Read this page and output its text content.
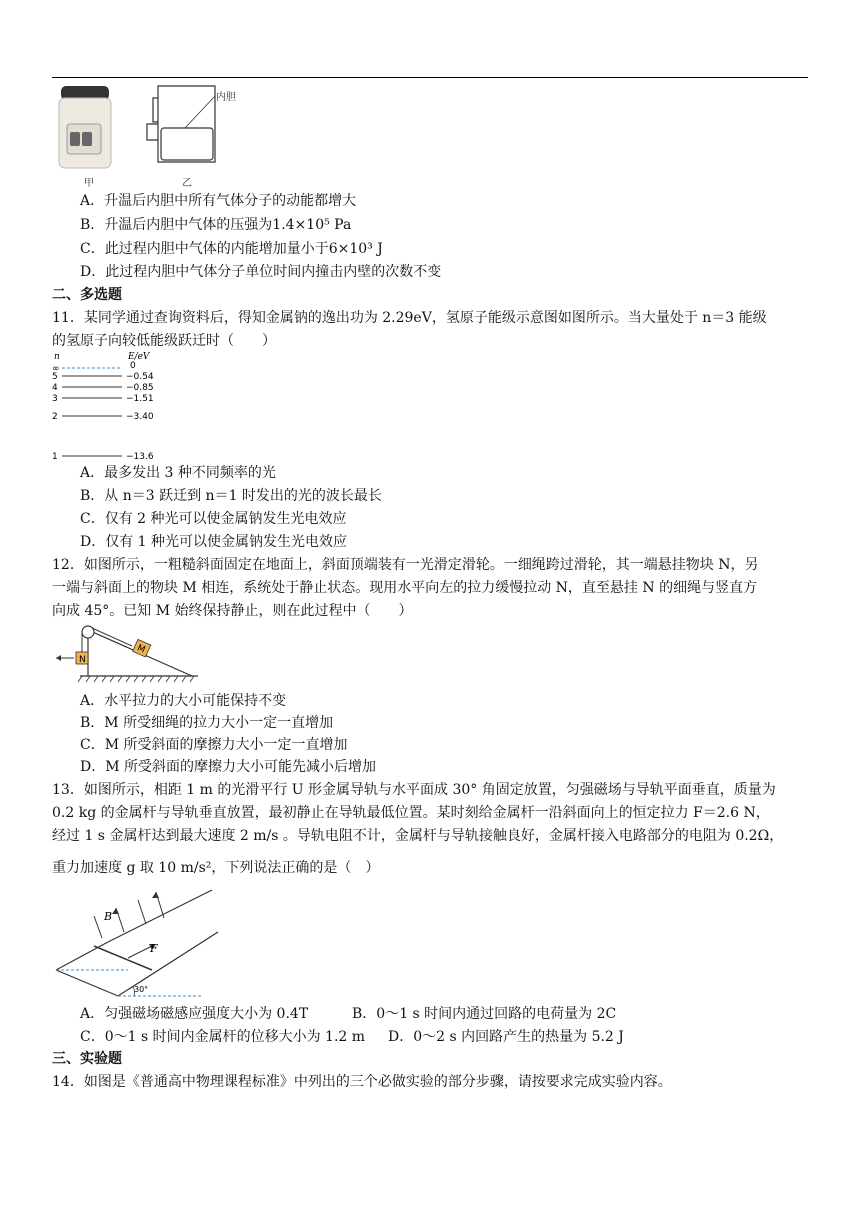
甲	乙
内胆
A．升温后内胆中所有气体分子的动能都增大
B．升温后内胆中气体的压强为1.4×10⁵ Pa
C．此过程内胆中气体的内能增加量小于6×10³ J
D．此过程内胆中气体分子单位时间内撞击内壁的次数不变
二、多选题
11．某同学通过查询资料后，得知金属钠的逸出功为 2.29eV，氢原子能级示意图如图所示。当大量处于 n＝3 能级
的氢原子向较低能级跃迁时（　　）
n	E/eV
∞	0
5	−0.54
4	−0.85
3	−1.51
2	−3.40
1	−13.6
A．最多发出 3 种不同频率的光
B．从 n＝3 跃迁到 n＝1 时发出的光的波长最长
C．仅有 2 种光可以使金属钠发生光电效应
D．仅有 1 种光可以使金属钠发生光电效应
12．如图所示，一粗糙斜面固定在地面上，斜面顶端装有一光滑定滑轮。一细绳跨过滑轮，其一端悬挂物块 N，另
一端与斜面上的物块 M 相连，系统处于静止状态。现用水平向左的拉力缓慢拉动 N，直至悬挂 N 的细绳与竖直方
向成 45°。已知 M 始终保持静止，则在此过程中（　　）
N
M
A．水平拉力的大小可能保持不变
B．M 所受细绳的拉力大小一定一直增加
C．M 所受斜面的摩擦力大小一定一直增加
D．M 所受斜面的摩擦力大小可能先减小后增加
13．如图所示，相距 1 m 的光滑平行 U 形金属导轨与水平面成 30° 角固定放置，匀强磁场与导轨平面垂直，质量为
0.2 kg 的金属杆与导轨垂直放置，最初静止在导轨最低位置。某时刻给金属杆一沿斜面向上的恒定拉力 F＝2.6 N，
经过 1 s 金属杆达到最大速度 2 m/s 。导轨电阻不计，金属杆与导轨接触良好，金属杆接入电路部分的电阻为 0.2Ω，
重力加速度 g 取 10 m/s²，下列说法正确的是（　）
B
F
30°
A．匀强磁场磁感应强度大小为 0.4T	B．0～1 s 时间内通过回路的电荷量为 2C
C．0～1 s 时间内金属杆的位移大小为 1.2 m D．0～2 s 内回路产生的热量为 5.2 J
三、实验题
14．如图是《普通高中物理课程标准》中列出的三个必做实验的部分步骤，请按要求完成实验内容。
